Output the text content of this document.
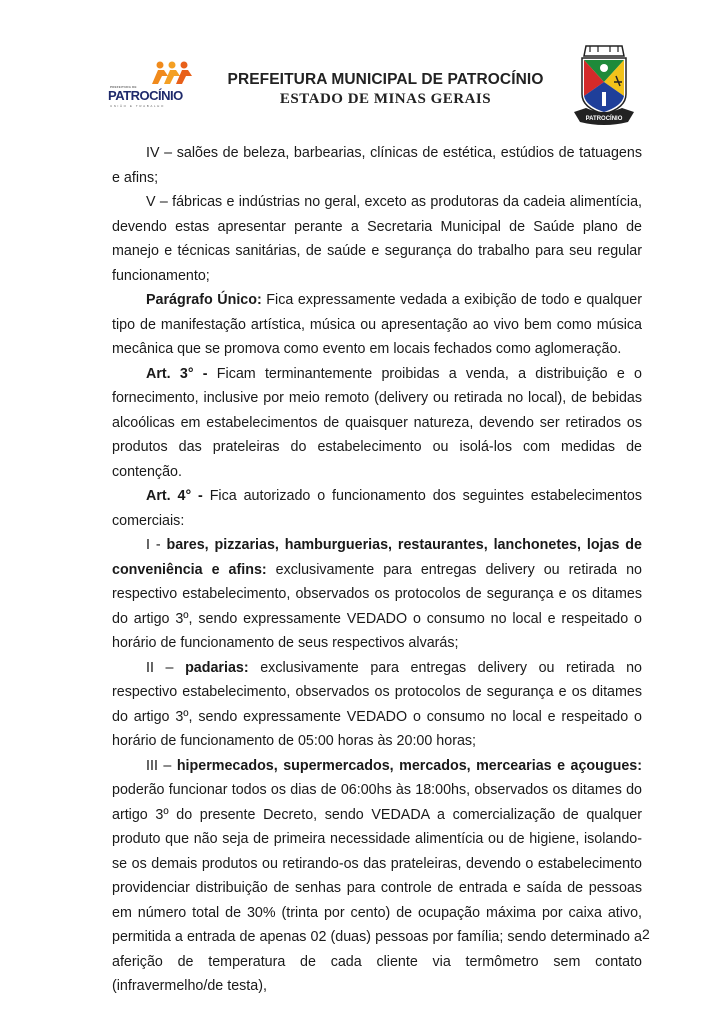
PREFEITURA DE
PATROCÍNIO
UNIÃO E TRABALHO
PREFEITURA MUNICIPAL DE PATROCÍNIO
ESTADO DE MINAS GERAIS
PATROCÍNIO

IV – salões de beleza, barbearias, clínicas de estética, estúdios de tatuagens e afins;

V – fábricas e indústrias no geral, exceto as produtoras da cadeia alimentícia, devendo estas apresentar perante a Secretaria Municipal de Saúde plano de manejo e técnicas sanitárias, de saúde e segurança do trabalho para seu regular funcionamento;

Parágrafo Único: Fica expressamente vedada a exibição de todo e qualquer tipo de manifestação artística, música ou apresentação ao vivo bem como música mecânica que se promova como evento em locais fechados como aglomeração.

Art. 3° - Ficam terminantemente proibidas a venda, a distribuição e o fornecimento, inclusive por meio remoto (delivery ou retirada no local), de bebidas alcoólicas em estabelecimentos de quaisquer natureza, devendo ser retirados os produtos das prateleiras do estabelecimento ou isolá-los com medidas de contenção.

Art. 4° - Fica autorizado o funcionamento dos seguintes estabelecimentos comerciais:

I - bares, pizzarias, hamburguerias, restaurantes, lanchonetes, lojas de conveniência e afins: exclusivamente para entregas delivery ou retirada no respectivo estabelecimento, observados os protocolos de segurança e os ditames do artigo 3º, sendo expressamente VEDADO o consumo no local e respeitado o horário de funcionamento de seus respectivos alvarás;

II – padarias: exclusivamente para entregas delivery ou retirada no respectivo estabelecimento, observados os protocolos de segurança e os ditames do artigo 3º, sendo expressamente VEDADO o consumo no local e respeitado o horário de funcionamento de 05:00 horas às 20:00 horas;

III – hipermecados, supermercados, mercados, mercearias e açougues: poderão funcionar todos os dias de 06:00hs às 18:00hs, observados os ditames do artigo 3º do presente Decreto, sendo VEDADA a comercialização de qualquer produto que não seja de primeira necessidade alimentícia ou de higiene, isolando-se os demais produtos ou retirando-os das prateleiras, devendo o estabelecimento providenciar distribuição de senhas para controle de entrada e saída de pessoas em número total de 30% (trinta por cento) de ocupação máxima por caixa ativo, permitida a entrada de apenas 02 (duas) pessoas por família; sendo determinado a aferição de temperatura de cada cliente via termômetro sem contato (infravermelho/de testa),

2
